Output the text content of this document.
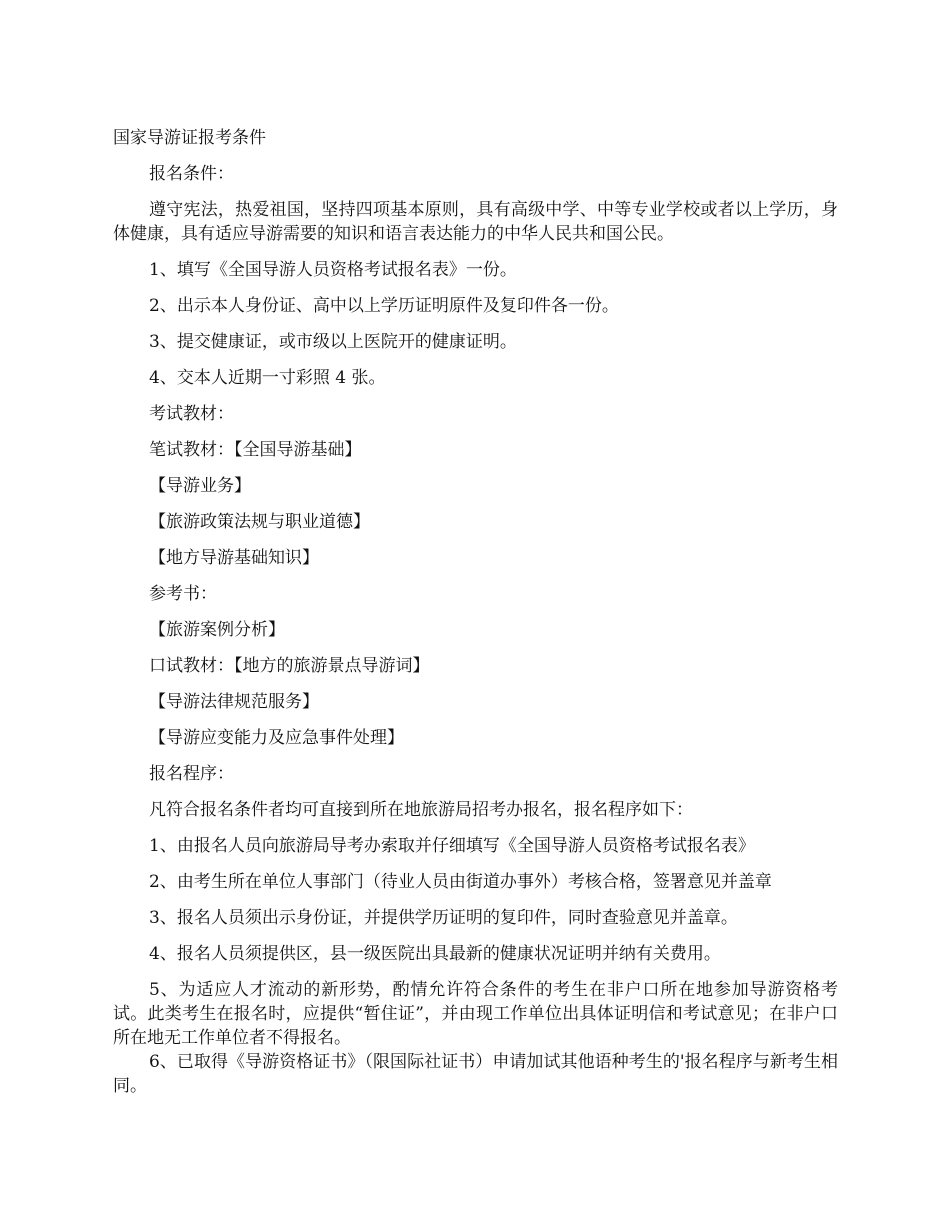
国家导游证报考条件

报名条件：

遵守宪法，热爱祖国，坚持四项基本原则，具有高级中学、中等专业学校或者以上学历，身体健康，具有适应导游需要的知识和语言表达能力的中华人民共和国公民。

1、填写《全国导游人员资格考试报名表》一份。

2、出示本人身份证、高中以上学历证明原件及复印件各一份。

3、提交健康证，或市级以上医院开的健康证明。

4、交本人近期一寸彩照 4 张。

考试教材：

笔试教材：【全国导游基础】

【导游业务】

【旅游政策法规与职业道德】

【地方导游基础知识】

参考书：

【旅游案例分析】

口试教材：【地方的旅游景点导游词】

【导游法律规范服务】

【导游应变能力及应急事件处理】

报名程序：

凡符合报名条件者均可直接到所在地旅游局招考办报名，报名程序如下：

1、由报名人员向旅游局导考办索取并仔细填写《全国导游人员资格考试报名表》

2、由考生所在单位人事部门（待业人员由街道办事外）考核合格，签署意见并盖章

3、报名人员须出示身份证，并提供学历证明的复印件，同时查验意见并盖章。

4、报名人员须提供区，县一级医院出具最新的健康状况证明并纳有关费用。

5、为适应人才流动的新形势，酌情允许符合条件的考生在非户口所在地参加导游资格考试。此类考生在报名时，应提供“暂住证”，并由现工作单位出具体证明信和考试意见；在非户口所在地无工作单位者不得报名。

6、已取得《导游资格证书》（限国际社证书）申请加试其他语种考生的'报名程序与新考生相同。
